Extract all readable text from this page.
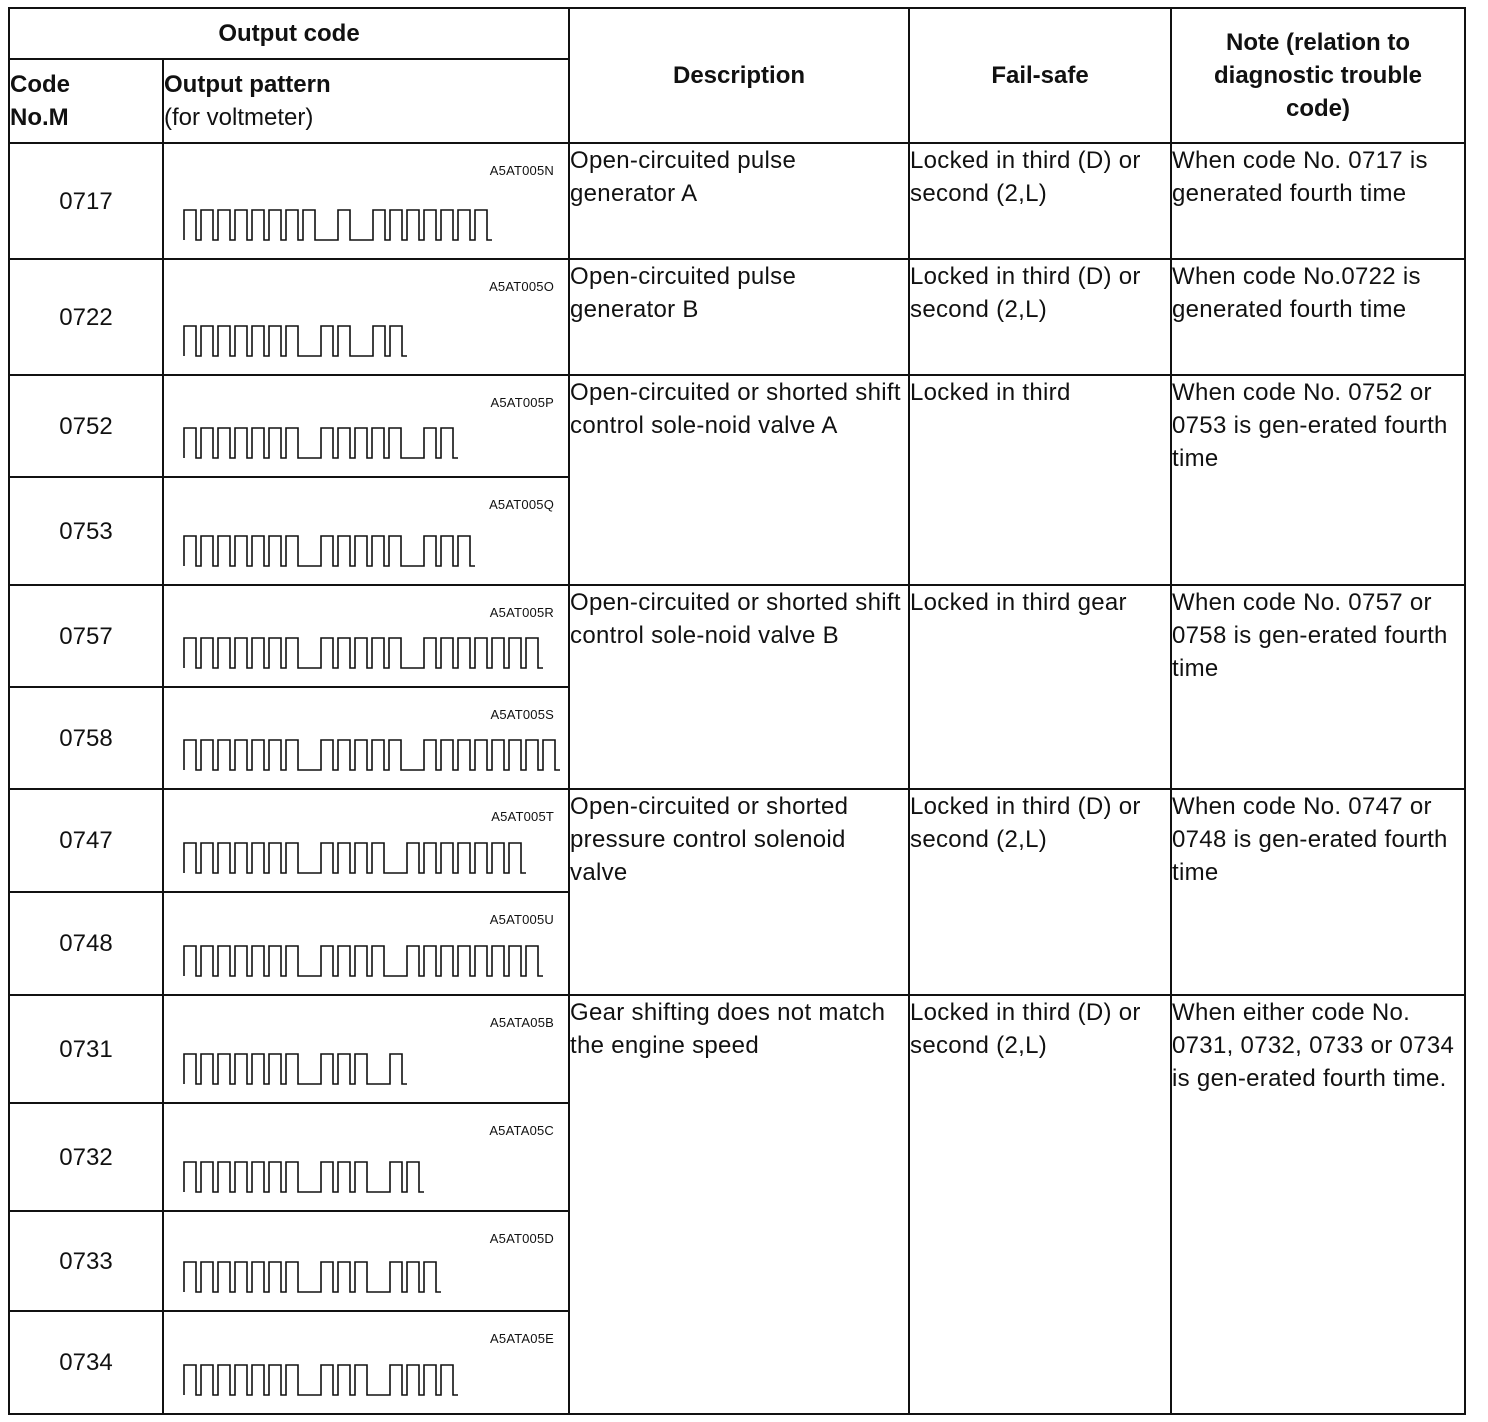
Output code		Description	Fail-safe	Note (relation to diagnostic trouble code)

Code No.M	Output pattern
(for voltmeter)			

0717	A5AT005N	Open-circuited pulse generator A	Locked in third (D) or second (2,L)	When code No. 0717 is generated fourth time
0722	A5AT005O	Open-circuited pulse generator B	Locked in third (D) or second (2,L)	When code No.0722 is generated fourth time
0752	A5AT005P	Open-circuited or shorted shift control sole-noid valve A	Locked in third	When code No. 0752 or 0753 is gen-erated fourth time
0753	A5AT005Q			

0757	A5AT005R	Open-circuited or shorted shift control sole-noid valve B	Locked in third gear	When code No. 0757 or 0758 is gen-erated fourth time
0758	A5AT005S			

0747	A5AT005T	Open-circuited or shorted pressure control solenoid valve	Locked in third (D) or second (2,L)	When code No. 0747 or 0748 is gen-erated fourth time
0748	A5AT005U			

0731	A5ATA05B	Gear shifting does not match the engine speed	Locked in third (D) or second (2,L)	When either code No. 0731, 0732, 0733 or 0734 is gen-erated fourth time.
0732	A5ATA05C			

0733	A5AT005D			

0734	A5ATA05E			
